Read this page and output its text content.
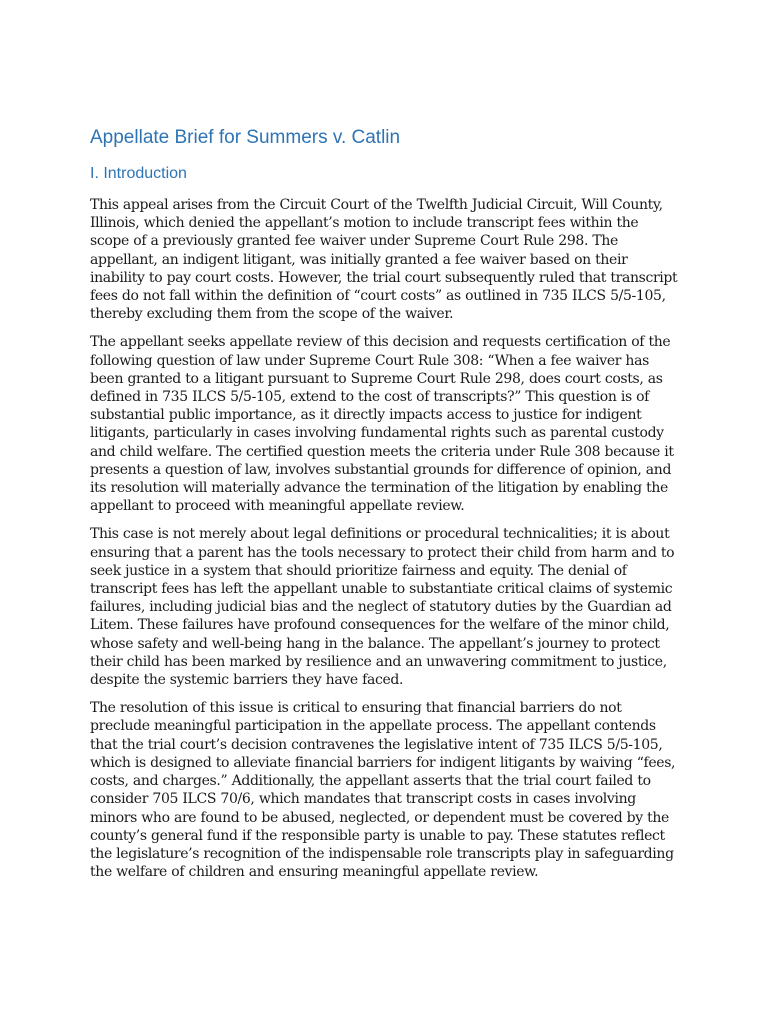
Appellate Brief for Summers v. Catlin
I. Introduction

This appeal arises from the Circuit Court of the Twelfth Judicial Circuit, Will County, Illinois, which denied the appellant’s motion to include transcript fees within the scope of a previously granted fee waiver under Supreme Court Rule 298. The appellant, an indigent litigant, was initially granted a fee waiver based on their inability to pay court costs. However, the trial court subsequently ruled that transcript fees do not fall within the definition of “court costs” as outlined in 735 ILCS 5/5-105, thereby excluding them from the scope of the waiver.

The appellant seeks appellate review of this decision and requests certification of the following question of law under Supreme Court Rule 308: “When a fee waiver has been granted to a litigant pursuant to Supreme Court Rule 298, does court costs, as defined in 735 ILCS 5/5-105, extend to the cost of transcripts?” This question is of substantial public importance, as it directly impacts access to justice for indigent litigants, particularly in cases involving fundamental rights such as parental custody and child welfare. The certified question meets the criteria under Rule 308 because it presents a question of law, involves substantial grounds for difference of opinion, and its resolution will materially advance the termination of the litigation by enabling the appellant to proceed with meaningful appellate review.

This case is not merely about legal definitions or procedural technicalities; it is about ensuring that a parent has the tools necessary to protect their child from harm and to seek justice in a system that should prioritize fairness and equity. The denial of transcript fees has left the appellant unable to substantiate critical claims of systemic failures, including judicial bias and the neglect of statutory duties by the Guardian ad Litem. These failures have profound consequences for the welfare of the minor child, whose safety and well-being hang in the balance. The appellant’s journey to protect their child has been marked by resilience and an unwavering commitment to justice, despite the systemic barriers they have faced.

The resolution of this issue is critical to ensuring that financial barriers do not preclude meaningful participation in the appellate process. The appellant contends that the trial court’s decision contravenes the legislative intent of 735 ILCS 5/5-105, which is designed to alleviate financial barriers for indigent litigants by waiving “fees, costs, and charges.” Additionally, the appellant asserts that the trial court failed to consider 705 ILCS 70/6, which mandates that transcript costs in cases involving minors who are found to be abused, neglected, or dependent must be covered by the county’s general fund if the responsible party is unable to pay. These statutes reflect the legislature’s recognition of the indispensable role transcripts play in safeguarding the welfare of children and ensuring meaningful appellate review.
